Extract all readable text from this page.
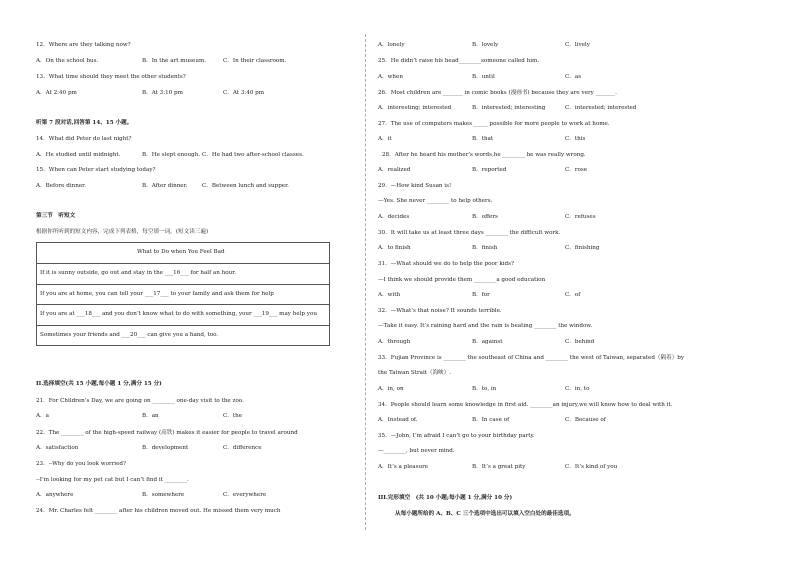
12．Where are they talking now?
A．On the school bus.	B．In the art museum.	C．In their classroom.
13．What time should they meet the other students?
A．At 2:40 pm	B．At 3:10 pm	C．At 3:40 pm
听第 7 段对话,回答第 14、15 小题。
14．What did Peter do last night?
A．He studied until midnight.	B．He slept enough. C．He had two after-school classes.
15．When can Peter start studying today?
A．Before dinner.	B．After dinner.	C．Between lunch and supper.
第三节　听短文
根据你所听到的短文内容，完成下列表格，每空填一词。(短文读三遍)
What to Do when You Feel Bad
If it is sunny outside, go out and stay in the ___16___ for half an hour.
If you are at home, you can tell your ___17___ to your family and ask them for help
If you are at ___18___ and you don’t know what to do with something, your ___19___ may help you
Sometimes your friends and ___20___ can give you a hand, too.
II.选择填空(共 15 小题,每小题 1 分,满分 15 分)
21．For Children’s Day, we are going on ________ one-day visit to the zoo.
A．a	B．an	C．the
22．The ________ of the high-speed railway (高铁) makes it easier for people to travel around
A．satisfaction	B．development	C．difference
23．--Why do you look worried?
--I’m looking for my pet cat but I can’t find it ________.
A．anywhere	B．somewhere	C．everywhere
24．Mr. Charles felt ________ after his children moved out. He missed them very much
A．lonely	B．lovely	C．lively
25．He didn’t raise his head________someone called him.
A．when	B．until	C．as
26．Most children are _______ in comic books (漫画书) because they are very _______.
A．interesting; interested	B．interested; interesting	C．interested; interested
27．The use of computers makes _____ possible for more people to work at home.
A．it	B．that	C．this
28．After he heard his mother’s words,he ________ he was really wrong.
A．realized	B．reported	C．rose
29．—How kind Susan is!
—Yes. She never ________ to help others.
A．decides	B．offers	C．refuses
30．It will take us at least three days ________ the difficult work.
A．to finish	B．finish	C．finishing
31．—What should we do to help the poor kids?
—I think we should provide them ________a good education
A．with	B．for	C．of
32．—What’s that noise? It sounds terrible.
—Take it easy. It’s raining hard and the rain is beating ________ the window.
A．through	B．against	C．behind
33．Fujian Province is ________ the southeast of China and ________ the west of Taiwan, separated（隔着）by
the Taiwan Strait（海峡）.
A．in, on	B．to, in	C．in, to
34．People should learn some knowledge in first aid. ________an injury,we will know how to deal with it.
A．Instead of.	B．In case of	C．Because of
35．—John, I’m afraid I can’t go to your birthday party.
—________, but never mind.
A．It’s a pleasure	B．It’s a great pity	C．It’s kind of you
III.完形填空　(共 10 小题;每小题 1 分,满分 10 分)
从每小题所给的 A、B、C 三个选项中选出可以填入空白处的最佳选项。
